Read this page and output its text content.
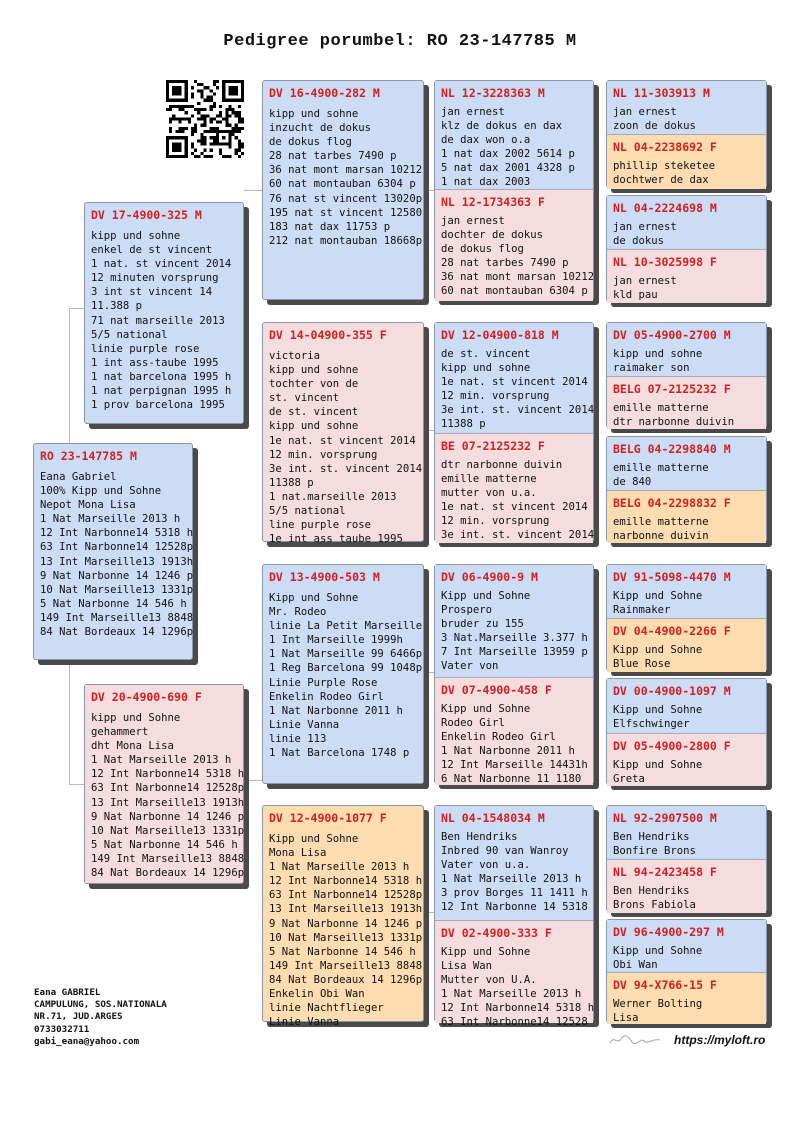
Pedigree porumbel: RO 23-147785 M
RO 23-147785 M
Eana Gabriel
100% Kipp und Sohne
Nepot Mona Lisa
1 Nat Marseille 2013 h
12 Int Narbonne14 5318 h
63 Int Narbonne14 12528p
13 Int Marseille13 1913h
9 Nat Narbonne 14 1246 p
10 Nat Marseille13 1331p
5 Nat Narbonne 14 546 h
149 Int Marseille13 8848
84 Nat Bordeaux 14 1296p
DV 17-4900-325 M
kipp und sohne
enkel de st vincent
1 nat. st vincent 2014
12 minuten vorsprung
3 int st vincent 14
11.388 p
71 nat marseille 2013
5/5 national
linie purple rose
1 int ass-taube 1995
1 nat barcelona 1995 h
1 nat perpignan 1995 h
1 prov barcelona 1995
DV 20-4900-690 F
kipp und Sohne
gehammert
dht Mona Lisa
1 Nat Marseille 2013 h
12 Int Narbonne14 5318 h
63 Int Narbonne14 12528p
13 Int Marseille13 1913h
9 Nat Narbonne 14 1246 p
10 Nat Marseille13 1331p
5 Nat Narbonne 14 546 h
149 Int Marseille13 8848
84 Nat Bordeaux 14 1296p
DV 16-4900-282 M
kipp und sohne
inzucht de dokus
de dokus flog
28 nat tarbes 7490 p
36 nat mont marsan 10212
60 nat montauban 6304 p
76 nat st vincent 13020p
195 nat st vincent 12580
183 nat dax 11753 p
212 nat montauban 18668p
DV 14-04900-355 F
victoria
kipp und sohne
tochter von de
st. vincent
de st. vincent
kipp und sohne
1e nat. st vincent 2014
12 min. vorsprung
3e int. st. vincent 2014
11388 p
1 nat.marseille 2013
5/5 national
line purple rose
1e int ass taube 1995
DV 13-4900-503 M
Kipp und Sohne
Mr. Rodeo
linie La Petit Marseille
1 Int Marseille 1999h
1 Nat Marseille 99 6466p
1 Reg Barcelona 99 1048p
Linie Purple Rose
Enkelin Rodeo Girl
1 Nat Narbonne 2011 h
Linie Vanna
linie 113
1 Nat Barcelona 1748 p
DV 12-4900-1077 F
Kipp und Sohne
Mona Lisa
1 Nat Marseille 2013 h
12 Int Narbonne14 5318 h
63 Int Narbonne14 12528p
13 Int Marseille13 1913h
9 Nat Narbonne 14 1246 p
10 Nat Marseille13 1331p
5 Nat Narbonne 14 546 h
149 Int Marseille13 8848
84 Nat Bordeaux 14 1296p
Enkelin Obi Wan
linie Nachtflieger
Linie Vanna
NL 12-3228363 M
jan ernest
klz de dokus en dax
de dax won o.a
1 nat dax 2002 5614 p
5 nat dax 2001 4328 p
1 nat dax 2003
NL 12-1734363 F
jan ernest
dochter de dokus
de dokus flog
28 nat tarbes 7490 p
36 nat mont marsan 10212
60 nat montauban 6304 p
DV 12-04900-818 M
de st. vincent
kipp und sohne
1e nat. st vincent 2014
12 min. vorsprung
3e int. st. vincent 2014
11388 p
BE 07-2125232 F
dtr narbonne duivin
emille matterne
mutter von u.a.
1e nat. st vincent 2014
12 min. vorsprung
3e int. st. vincent 2014
DV 06-4900-9 M
Kipp und Sohne
Prospero
bruder zu 155
3 Nat.Marseille 3.377 h
7 Int Marseille 13959 p
Vater von
DV 07-4900-458 F
Kipp und Sohne
Rodeo Girl
Enkelin Rodeo Girl
1 Nat Narbonne 2011 h
12 Int Marseille 14431h
6 Nat Narbonne 11 1180
NL 04-1548034 M
Ben Hendriks
Inbred 90 van Wanroy
Vater von u.a.
1 Nat Marseille 2013 h
3 prov Borges 11 1411 h
12 Int Narbonne 14 5318
DV 02-4900-333 F
Kipp und Sohne
Lisa Wan
Mutter von U.A.
1 Nat Marseille 2013 h
12 Int Narbonne14 5318 h
63 Int Narbonne14 12528
NL 11-303913 M
jan ernest
zoon de dokus
NL 04-2238692 F
phillip steketee
dochtwer de dax
NL 04-2224698 M
jan ernest
de dokus
NL 10-3025998 F
jan ernest
kld pau
DV 05-4900-2700 M
kipp und sohne
raimaker son
BELG 07-2125232 F
emille matterne
dtr narbonne duivin
BELG 04-2298840 M
emille matterne
de 840
BELG 04-2298832 F
emille matterne
narbonne duivin
DV 91-5098-4470 M
Kipp und Sohne
Rainmaker
DV 04-4900-2266 F
Kipp und Sohne
Blue Rose
DV 00-4900-1097 M
Kipp und Sohne
Elfschwinger
DV 05-4900-2800 F
Kipp und Sohne
Greta
NL 92-2907500 M
Ben Hendriks
Bonfire Brons
NL 94-2423458 F
Ben Hendriks
Brons Fabiola
DV 96-4900-297 M
Kipp und Sohne
Obi Wan
DV 94-X766-15 F
Werner Bolting
Lisa
Eana GABRIEL
CAMPULUNG, SOS.NATIONALA
NR.71, JUD.ARGES
0733032711
gabi_eana@yahoo.com	https://myloft.ro
